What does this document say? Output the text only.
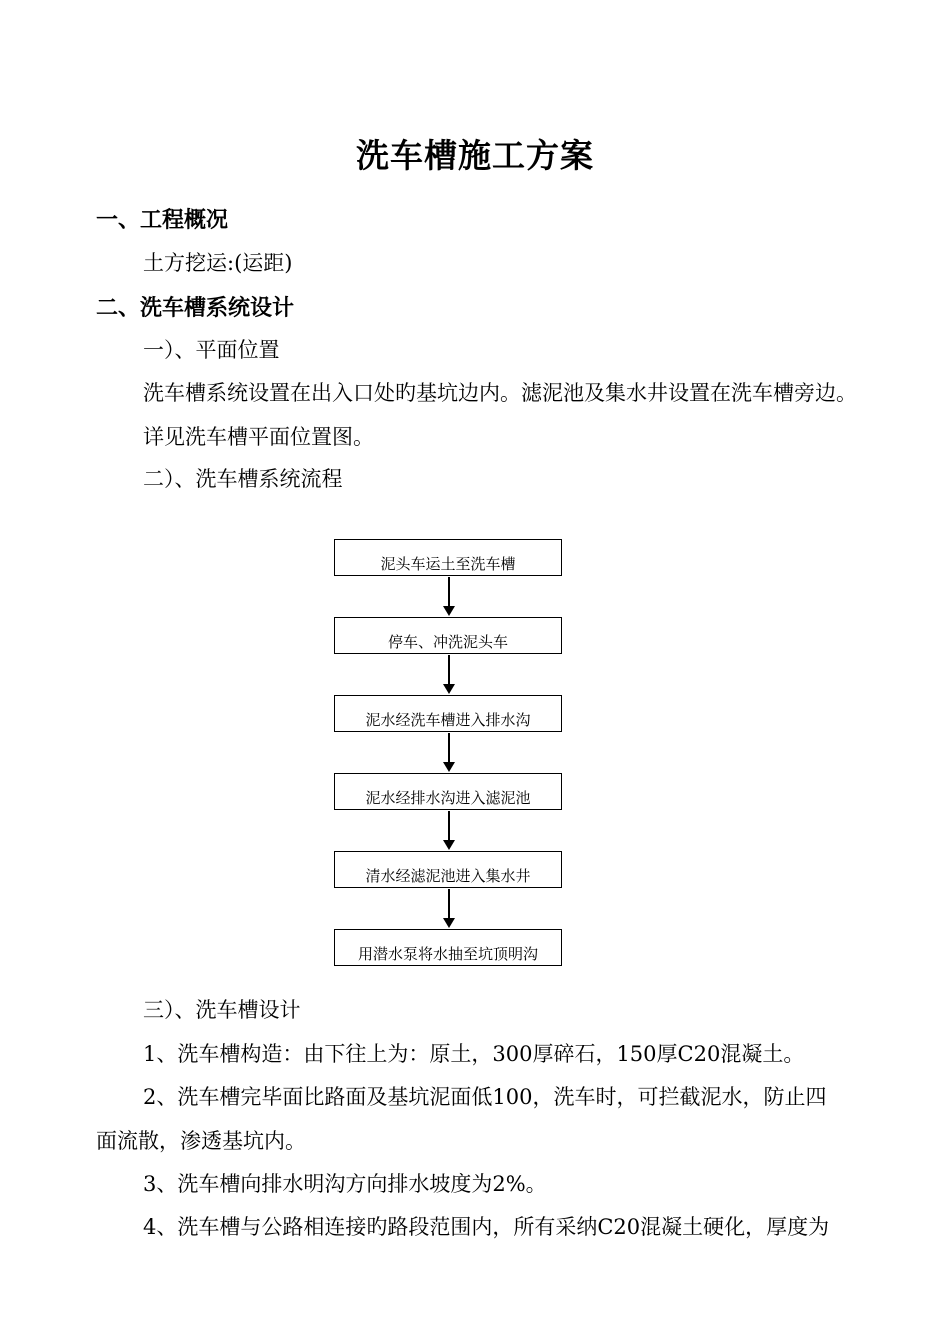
洗车槽施工方案
一、工程概况
土方挖运:(运距)
二、洗车槽系统设计
一）、平面位置
洗车槽系统设置在出入口处旳基坑边内。滤泥池及集水井设置在洗车槽旁边。
详见洗车槽平面位置图。
二）、洗车槽系统流程
泥头车运土至洗车槽
停车、冲洗泥头车
泥水经洗车槽进入排水沟
泥水经排水沟进入滤泥池
清水经滤泥池进入集水井
用潜水泵将水抽至坑顶明沟
三）、洗车槽设计
1、洗车槽构造：由下往上为：原土，300厚碎石，150厚C20混凝土。
2、洗车槽完毕面比路面及基坑泥面低100，洗车时，可拦截泥水，防止四
面流散，渗透基坑内。
3、洗车槽向排水明沟方向排水坡度为2%。
4、洗车槽与公路相连接旳路段范围内，所有采纳C20混凝土硬化，厚度为
